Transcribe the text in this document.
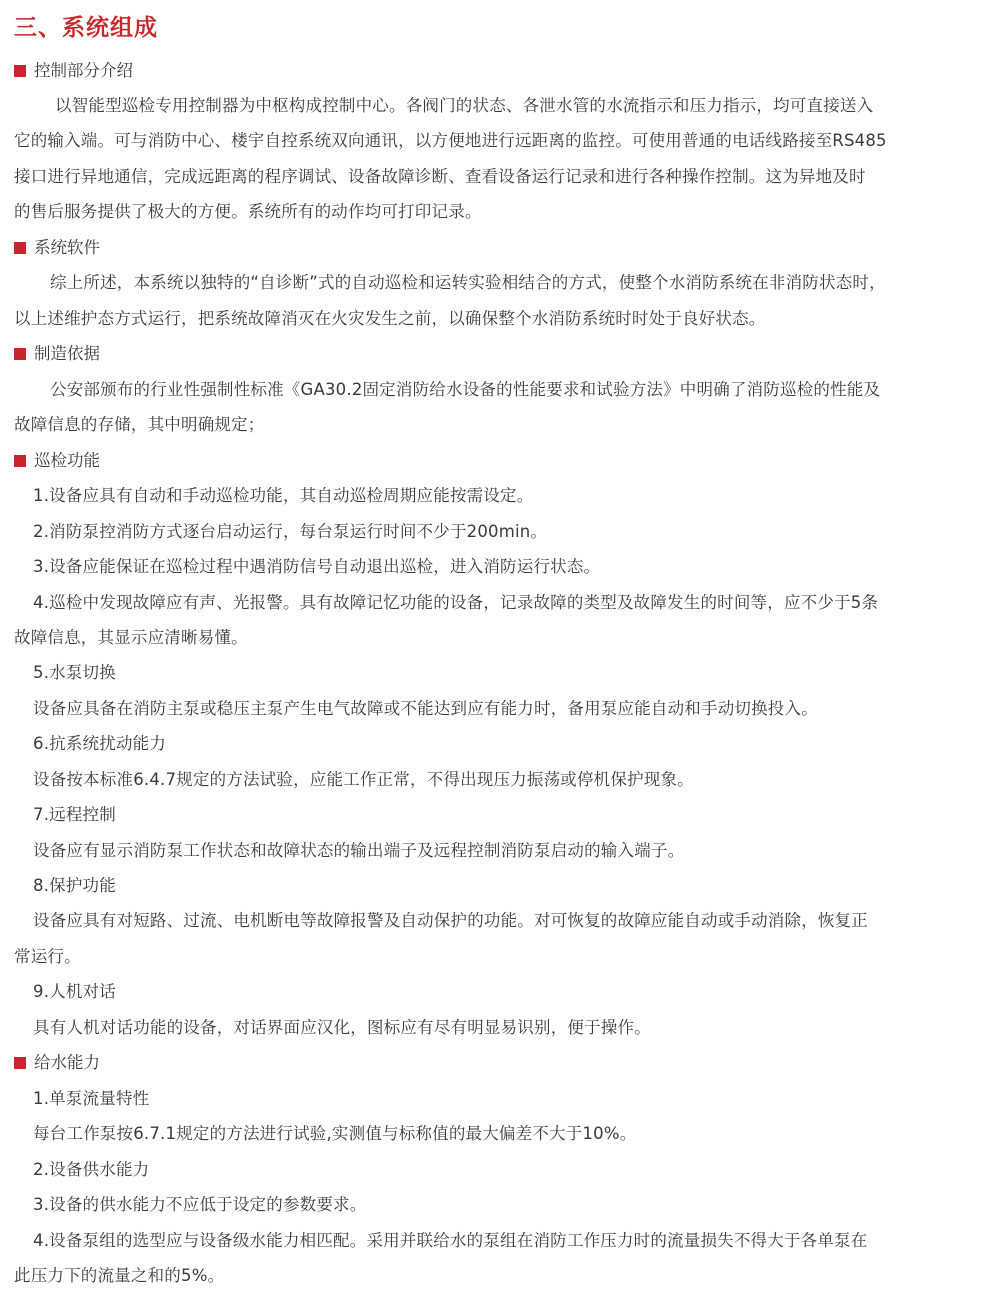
三、系统组成
控制部分介绍
以智能型巡检专用控制器为中枢构成控制中心。各阀门的状态、各泄水管的水流指示和压力指示，均可直接送入
它的输入端。可与消防中心、楼宇自控系统双向通讯，以方便地进行远距离的监控。可使用普通的电话线路接至RS485
接口进行异地通信，完成远距离的程序调试、设备故障诊断、查看设备运行记录和进行各种操作控制。这为异地及时
的售后服务提供了极大的方便。系统所有的动作均可打印记录。
系统软件
综上所述，本系统以独特的“自诊断”式的自动巡检和运转实验相结合的方式，使整个水消防系统在非消防状态时，
以上述维护态方式运行，把系统故障消灭在火灾发生之前，以确保整个水消防系统时时处于良好状态。
制造依据
公安部颁布的行业性强制性标准《GA30.2固定消防给水设备的性能要求和试验方法》中明确了消防巡检的性能及
故障信息的存储，其中明确规定；
巡检功能
1.设备应具有自动和手动巡检功能，其自动巡检周期应能按需设定。
2.消防泵控消防方式逐台启动运行，每台泵运行时间不少于200min。
3.设备应能保证在巡检过程中遇消防信号自动退出巡检，进入消防运行状态。
4.巡检中发现故障应有声、光报警。具有故障记忆功能的设备，记录故障的类型及故障发生的时间等，应不少于5条
故障信息，其显示应清晰易懂。
5.水泵切换
设备应具备在消防主泵或稳压主泵产生电气故障或不能达到应有能力时，备用泵应能自动和手动切换投入。
6.抗系统扰动能力
设备按本标准6.4.7规定的方法试验，应能工作正常，不得出现压力振荡或停机保护现象。
7.远程控制
设备应有显示消防泵工作状态和故障状态的输出端子及远程控制消防泵启动的输入端子。
8.保护功能
设备应具有对短路、过流、电机断电等故障报警及自动保护的功能。对可恢复的故障应能自动或手动消除，恢复正
常运行。
9.人机对话
具有人机对话功能的设备，对话界面应汉化，图标应有尽有明显易识别，便于操作。
给水能力
1.单泵流量特性
每台工作泵按6.7.1规定的方法进行试验,实测值与标称值的最大偏差不大于10%。
2.设备供水能力
3.设备的供水能力不应低于设定的参数要求。
4.设备泵组的选型应与设备级水能力相匹配。采用并联给水的泵组在消防工作压力时的流量损失不得大于各单泵在
此压力下的流量之和的5%。
